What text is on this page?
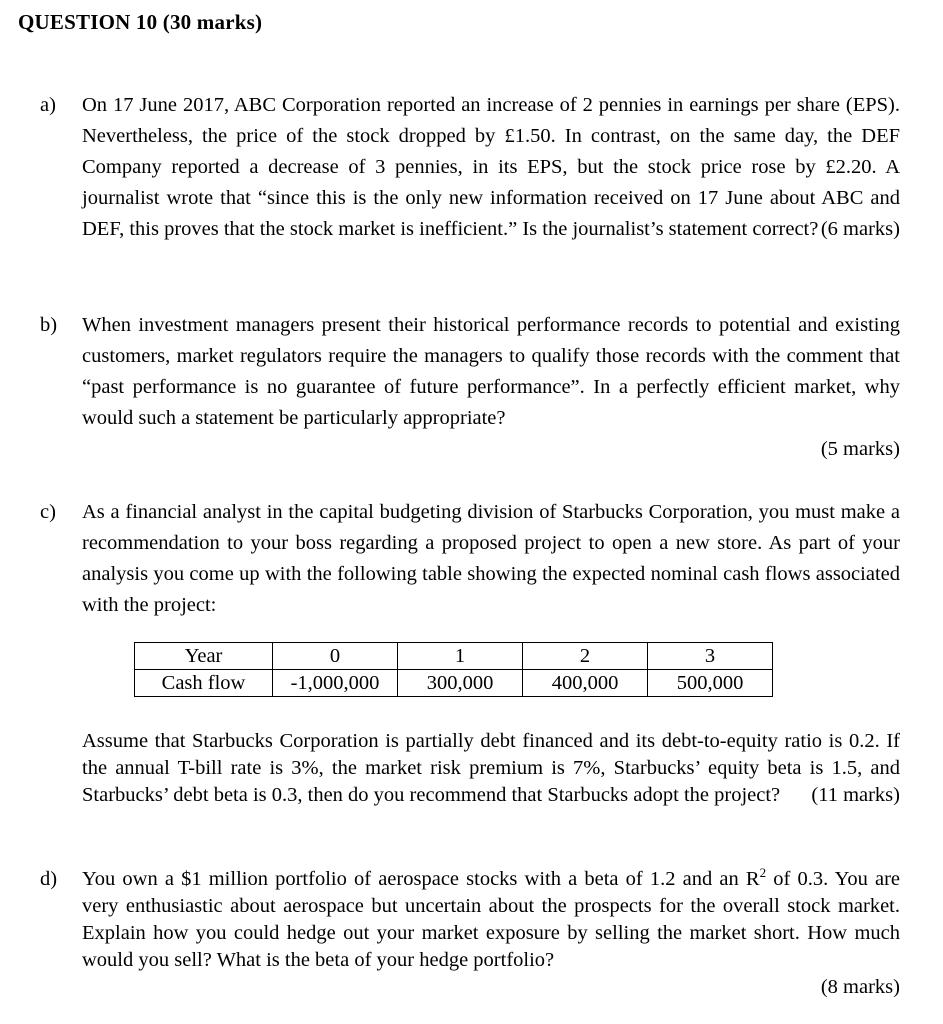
QUESTION 10 (30 marks)
a) On 17 June 2017, ABC Corporation reported an increase of 2 pennies in earnings per share (EPS). Nevertheless, the price of the stock dropped by £1.50. In contrast, on the same day, the DEF Company reported a decrease of 3 pennies, in its EPS, but the stock price rose by £2.20. A journalist wrote that “since this is the only new information received on 17 June about ABC and DEF, this proves that the stock market is inefficient.” Is the journalist’s statement correct? (6 marks)
b) When investment managers present their historical performance records to potential and existing customers, market regulators require the managers to qualify those records with the comment that “past performance is no guarantee of future performance”. In a perfectly efficient market, why would such a statement be particularly appropriate?
(5 marks)
c) As a financial analyst in the capital budgeting division of Starbucks Corporation, you must make a recommendation to your boss regarding a proposed project to open a new store. As part of your analysis you come up with the following table showing the expected nominal cash flows associated with the project:
Year	0	1	2	3
Cash flow	-1,000,000	300,000	400,000	500,000
Assume that Starbucks Corporation is partially debt financed and its debt-to-equity ratio is 0.2. If the annual T-bill rate is 3%, the market risk premium is 7%, Starbucks’ equity beta is 1.5, and Starbucks’ debt beta is 0.3, then do you recommend that Starbucks adopt the project? (11 marks)
d) You own a $1 million portfolio of aerospace stocks with a beta of 1.2 and an $R^2$ of 0.3. You are very enthusiastic about aerospace but uncertain about the prospects for the overall stock market. Explain how you could hedge out your market exposure by selling the market short. How much would you sell? What is the beta of your hedge portfolio?
(8 marks)
